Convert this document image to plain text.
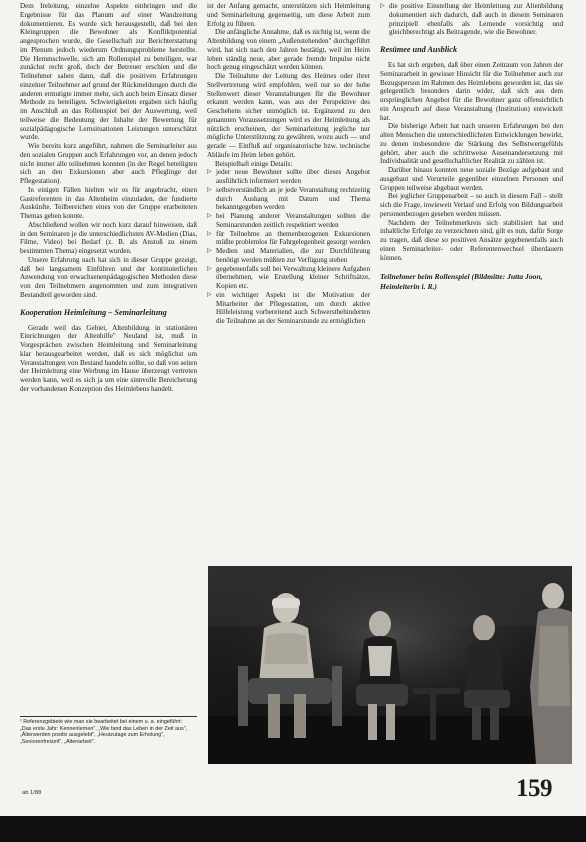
Dem Ireleitung, einzelne Aspekte einbringen und die Ergebnisse für das Planum auf einer Wandzeitung dokumentieren. Es wurde sich herausgestellt, daß bei den Kleingruppen die Bewohner als Konfliktpotential angesprochen wurde, die Gesellschaft zur Berichterstattung im Plenum jedoch wiederum Ordnungsprobleme herstellte. Die Hemmschwelle, sich am Rollenspiel zu beteiligen, war zunächst recht groß, doch der Betreuer erschien und die Teilnehmer sahen dann, daß die positiven Erfahrungen einzelner Teilnehmer auf grund der Rückmeldungen durch die anderen ermutigte immer mehr, sich auch beim Einsatz dieser Methode zu beteiligen. Schwierigkeiten ergaben sich häufig im Anschluß an das Rollenspiel bei der Auswertung, weil teilweise die Bedeutung der Inhalte der Bewertung für sozialpädagogische Lernsituationen Leistungen unterschätzt wurde.

Wie bereits kurz angeführt, nahmen die Seminarleiter aus den sozialen Gruppen auch Erfahrungen vor, an denen jedoch nicht immer alle teilnehmen konnten (in der Regel beteiligten sich an den Exkursionen aber auch Pfleglinge der Pflegestation).

In einigen Fällen hielten wir es für angebracht, einen Gastreferenten in das Altenheim einzuladen, der fundierte Auskünfte. Teilbereichen eines von der Gruppe erarbeiteten Themas geben konnte.

Abschließend wollen wir noch kurz darauf hinweisen, daß in den Seminaren je die unterschiedlichsten AV-Medien (Dias, Filme, Video) bei Bedarf (z. B. als Anstoß zu einem bestimmten Thema) eingesetzt wurden.

Unsere Erfahrung nach hat sich in dieser Gruppe gezeigt, daß bei langsamem Einführen und der kontinuierlichen Anwendung von erwachsenenpädagogischen Methoden diese von den Teilnehmern angenommen und zum integrativen Bestandteil geworden sind.

Kooperation Heimleitung – Seminarleitung

Gerade weil das Gebiet, Altenbildung in stationären Einrichtungen der Altenhilfe" Neuland ist, muß in Vorgesprächen zwischen Heimleitung und Seminarleitung klar herausgearbeitet werden, daß es sich möglichst um Veranstaltungen von Bestand handeln sollte, so daß von seiten der Heimleitung eine Werbung im Hause überzeugt vertreten werden kann, weil es sich ja um eine sinnvolle Bereicherung der vorhandenen Konzeption des Heimlebens handelt.

ist der Anfang gemacht, unterstützen sich Heimleitung und Seminarleitung gegenseitig, um diese Arbeit zum Erfolg zu führen.

Die anfängliche Annahme, daß es nichtig ist, wenn die Altenbildung von einem „Außenstehenden" durchgeführt wird, hat sich nach den Jahren bestätigt, weil im Heim leben ständig neue, aber gerade fremde Impulse nicht hoch genug eingeschätzt werden können.

Die Teilnahme der Leitung des Heimes oder ihrer Stellvertretung wird empfohlen, weil nur so der hohe Stellenwert dieser Veranstaltungen für die Bewohner erkannt werden kann, was aus der Perspektive des Geschehens sicher unmöglich ist. Ergänzend zu den genannten Voraussetzungen wird es der Heimleitung als nützlich erscheinen, der Seminarleitung jegliche nur mögliche Unterstützung zu gewähren, wozu auch — und gerade — Einfluß auf organisatorische bzw. technische Abläufe im Heim leben gehört.

Beispielhaft einige Details:

▷ jeder neue Bewohner sollte über dieses Angebot ausführlich informiert werden
▷ selbstverständlich an je jede Veranstaltung rechtzeitig durch Aushang mit Datum und Thema bekanntgegeben werden
▷ bei Planung anderer Veranstaltungen sollten die Seminarstunden zeitlich respektiert werden
▷ für Teilnehme an themenbezogenen Exkursionen müßte problemlos für Fahrgelegenheit gesorgt werden
▷ Medien und Materialien, die zur Durchführung benötigt werden müßten zur Verfügung stehen
▷ gegebenenfalls soll bei Verwaltung kleinere Aufgaben übernehmen, wie Erstellung kleiner Schriftsätze, Kopien etc.
▷ ein wichtiger Aspekt ist die Motivation der Mitarbeiter der Pflegestation, um durch aktive Hilfeleistung vorbereitend auch Schwerstbehinderten die Teilnahme an der Seminarstunde zu ermöglichen
▷ die positive Einstellung der Heimleitung zur Altenbildung dokumentiert sich dadurch, daß auch in diesem Seminaren prinzipiell ebenfalls als Lernende vorsichtig und gleichberechtigt als Beitragende, wie die Bewohner.
Resümee und Ausblick

Es hat sich ergeben, daß über einen Zeitraum von Jahren der Seminararbeit in gewisser Hinsicht für die Teilnehmer auch zur Bezugsperson im Rahmen des Heimlebens geworden ist, das sie gelegentlich besonders darin wider, daß sich aus dem ursprünglichen Angebot für die Bewohner ganz offensichtlich ein Anspruch auf diese Veranstaltung (Institution) entwickelt hat.

Die bisherige Arbeit hat nach unseren Erfahrungen bei den alten Menschen die unterschiedlichsten Entwicklungen bewirkt, zu denen insbesondere die Stärkung des Selbstwertgefühls gehört, aber auch die schrittweise Auseinandersetzung mit Individualität und gesellschaftlicher Realität zu zählen ist.

Darüber hinaus konnten neue soziale Bezüge aufgebaut und ausgebaut und Vorurteile gegenüber einzelnen Personen und Gruppen teilweise abgebaut werden.

Bei jeglicher Gruppenarbeit – so auch in diesem Fall – stellt sich die Frage, inwieweit Verlauf und Erfolg von Bildungsarbeit personenbezogen gesehen werden müssen.

Nachdem der Teilnehmerkreis sich stabilisiert hat und inhaltliche Erfolge zu verzeichnen sind, gilt es nun, dafür Sorge zu tragen, daß diese so positiven Ansätze gegebenenfalls auch einen Seminarleiter- oder Referentenwechsel überdauern können.

Teilnehmer beim Rollenspiel (Bildmitte: Jutta Joon, Heimleiterin i. R.)

¹ Referenzgebiete wie man sie bearbeitet bei einem u. a. eingeführt:

„Das erste Jahr: Kennenlernen", „Wie fand das Leben in der Zeit aus", „Älterwerden positiv ausgelebt", „Heutzutage zum Erholung", „Seniorenfreizeit", „Altenarbeit".

ab 1/88	159
